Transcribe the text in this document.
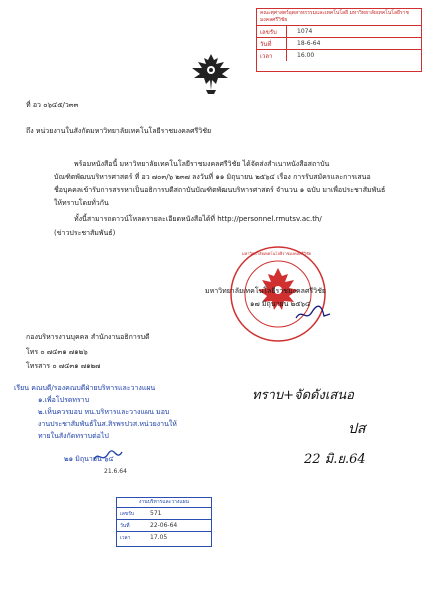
คณะศุศาสตร์อุตสาหกรรมและเทคโนโลยี มหาวิทยาลัยเทคโนโลยีราชมงคลศรีวิชัย
เลขรับ	1074
วันที่	18-6-64
เวลา	16.00
ที่ อว ๐๖๔๕/ว๓๓
ถึง หน่วยงานในสังกัดมหาวิทยาลัยเทคโนโลยีราชมงคลศรีวิชัย
พร้อมหนังสือนี้ มหาวิทยาลัยเทคโนโลยีราชมงคลศรีวิชัย ได้จัดส่งสำเนาหนังสือสถาบัน
บัณฑิตพัฒนบริหารศาสตร์ ที่ อว ๗๐๓/๖ ๒๓๗ ลงวันที่ ๑๑ มิถุนายน ๒๕๖๔ เรื่อง การรับสมัครและการเสนอ
ชื่อบุคคลเข้ารับการสรรหาเป็นอธิการบดีสถาบันบัณฑิตพัฒนบริหารศาสตร์ จำนวน ๑ ฉบับ มาเพื่อประชาสัมพันธ์
ให้ทราบโดยทั่วกัน
ทั้งนี้สามารถดาวน์โหลดรายละเอียดหนังสือได้ที่ http://personnel.rmutsv.ac.th/
(ข่าวประชาสัมพันธ์)
มหาวิทยาลัยเทคโนโลยีราชมงคลศรีวิชัย
มหาวิทยาลัยเทคโนโลยีราชมงคลศรีวิชัย
๑๗ มิถุนายน ๒๕๖๔
กองบริหารงานบุคคล สำนักงานอธิการบดี
โทร ๐ ๗๔๓๑ ๗๑๒๖
โทรสาร ๐ ๗๔๓๑ ๗๑๒๗
เรียน คณบดี/รองคณบดีฝ่ายบริหารและวางแผน
๑.เพื่อโปรดทราบ
๒.เห็นควรมอบ หน.บริหารและวางแผน มอบ
งานประชาสัมพันธ์ในส.สิรพรปวส.หน่วยงานให้
ทายในสังกัดทราบต่อไป
๒๑ มิถุนายน ๖๔
21.6.64
ทราบ+จัดดังเสนอ
ปส
22 มิ.ย.64
งานบริหารและวางแผน
เลขรับ	571
วันที่	22-06-64
เวลา	17.05
